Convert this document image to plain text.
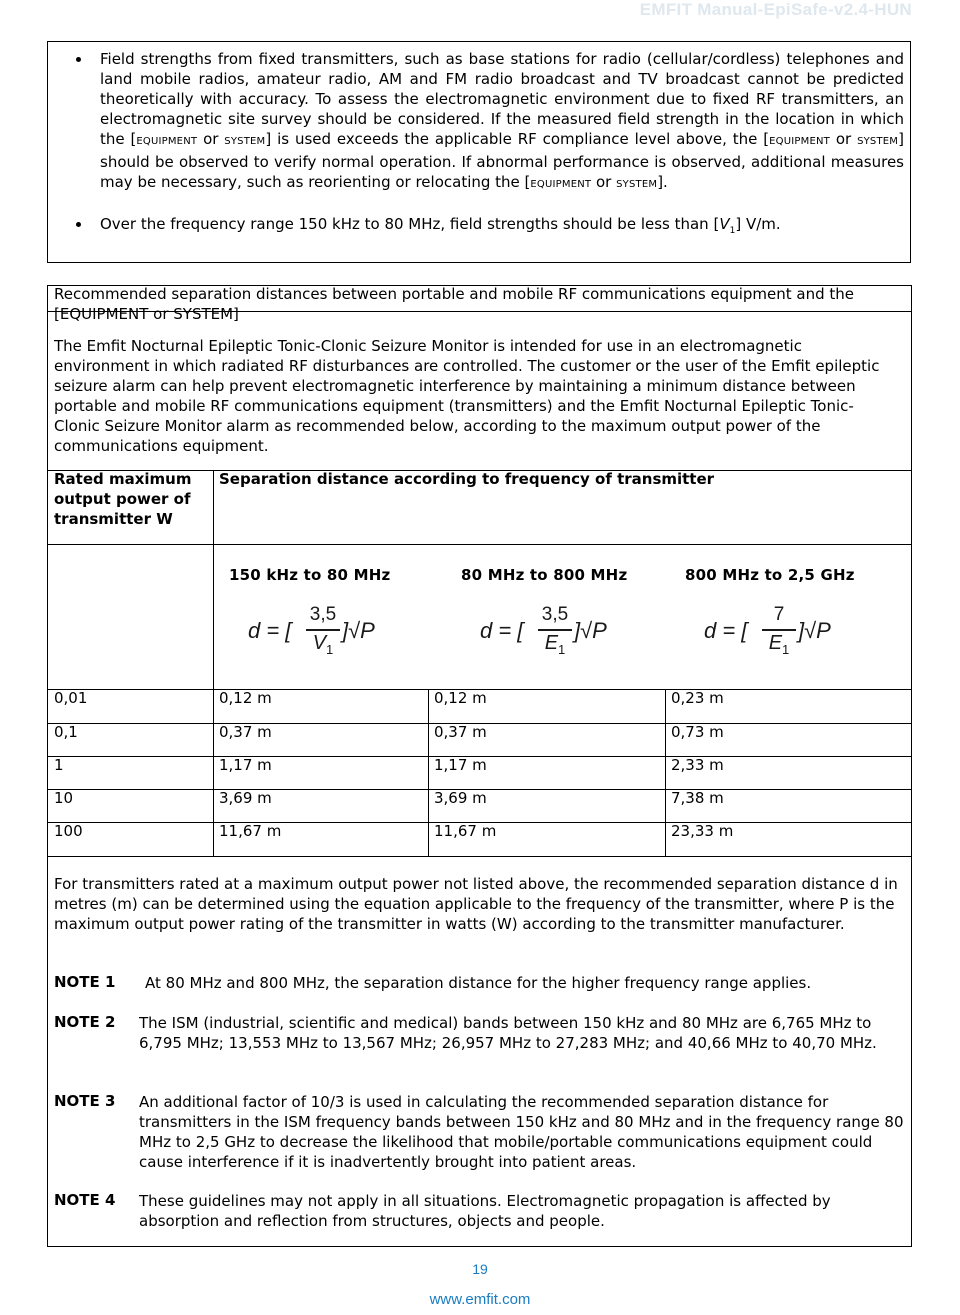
EMFIT Manual-EpiSafe-v2.4-HUN
Field strengths from fixed transmitters, such as base stations for radio (cellular/cordless) telephones and land mobile radios, amateur radio, AM and FM radio broadcast and TV broadcast cannot be predicted theoretically with accuracy. To assess the electromagnetic environment due to fixed RF transmitters, an electromagnetic site survey should be considered. If the measured field strength in the location in which the [EQUIPMENT or SYSTEM] is used exceeds the applicable RF compliance level above, the [EQUIPMENT or SYSTEM] should be observed to verify normal operation. If abnormal performance is observed, additional measures may be necessary, such as reorienting or relocating the [EQUIPMENT or SYSTEM].
Over the frequency range 150 kHz to 80 MHz, field strengths should be less than $[V_1]$ V/m.
Recommended separation distances between portable and mobile RF communications equipment and the [EQUIPMENT or SYSTEM]
The Emfit Nocturnal Epileptic Tonic-Clonic Seizure Monitor is intended for use in an electromagnetic environment in which radiated RF disturbances are controlled. The customer or the user of the Emfit epileptic seizure alarm can help prevent electromagnetic interference by maintaining a minimum distance between portable and mobile RF communications equipment (transmitters) and the Emfit Nocturnal Epileptic Tonic-Clonic Seizure Monitor alarm as recommended below, according to the maximum output power of the communications equipment.
Rated maximum output power of transmitter W
Separation distance according to frequency of transmitter
150 kHz to 80 MHz
d = [
3,5
$V_1$
]√P
80 MHz to 800 MHz
d = [
3,5
$E_1$
]√P
800 MHz to 2,5 GHz
d = [
7
$E_1$
]√P
0,01	0,12 m	0,12 m	0,23 m
0,1	0,37 m	0,37 m	0,73 m
1	1,17 m	1,17 m	2,33 m
10	3,69 m	3,69 m	7,38 m
100	11,67 m	11,67 m	23,33 m
For transmitters rated at a maximum output power not listed above, the recommended separation distance d in metres (m) can be determined using the equation applicable to the frequency of the transmitter, where P is the maximum output power rating of the transmitter in watts (W) according to the transmitter manufacturer.
NOTE 1 At 80 MHz and 800 MHz, the separation distance for the higher frequency range applies.
NOTE 2 The ISM (industrial, scientific and medical) bands between 150 kHz and 80 MHz are 6,765 MHz to 6,795 MHz; 13,553 MHz to 13,567 MHz; 26,957 MHz to 27,283 MHz; and 40,66 MHz to 40,70 MHz.
NOTE 3 An additional factor of 10/3 is used in calculating the recommended separation distance for transmitters in the ISM frequency bands between 150 kHz and 80 MHz and in the frequency range 80 MHz to 2,5 GHz to decrease the likelihood that mobile/portable communications equipment could cause interference if it is inadvertently brought into patient areas.
NOTE 4 These guidelines may not apply in all situations. Electromagnetic propagation is affected by absorption and reflection from structures, objects and people.
19
www.emfit.com
